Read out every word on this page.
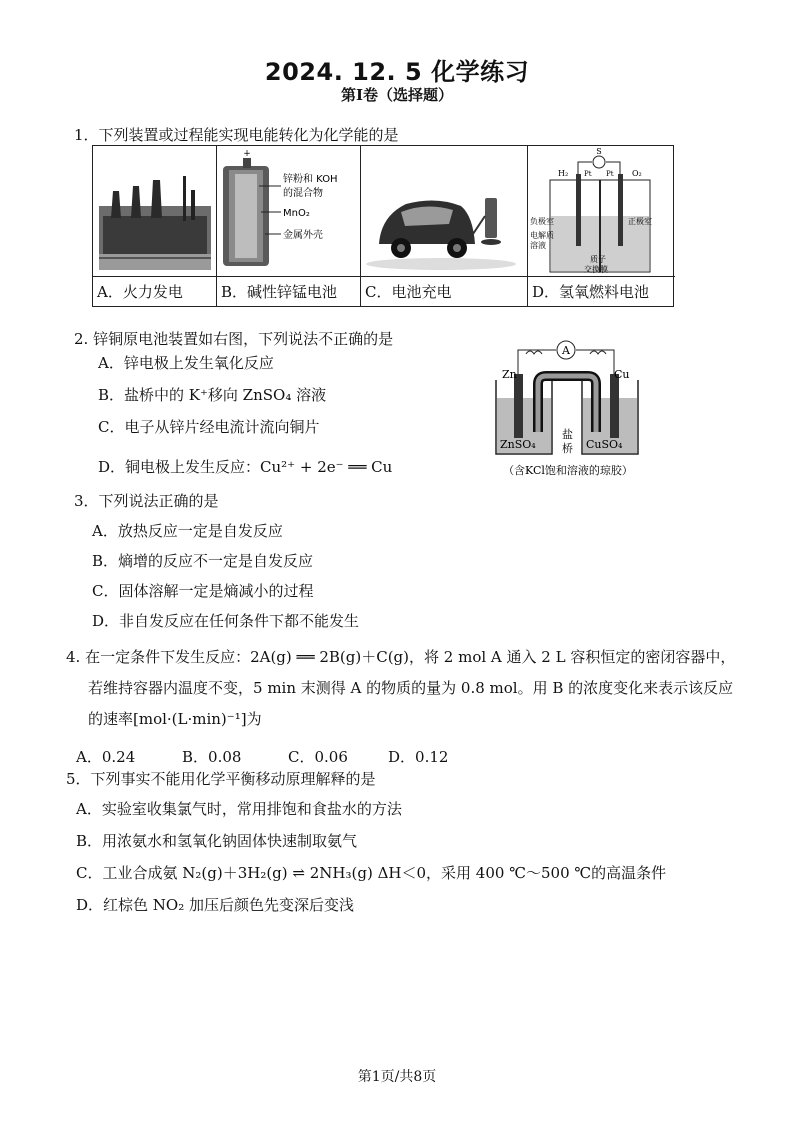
2024. 12. 5 化学练习
第Ⅰ卷（选择题）
1．下列装置或过程能实现电能转化为化学能的是
A．火力发电
+
锌粉和 KOH
的混合物
MnO₂
金属外壳
B．碱性锌锰电池	C．电池充电
S
H₂ Pt Pt O₂
负极室	正极室
电解质
溶液
质子
交换膜
D．氢氧燃料电池
2. 锌铜原电池装置如右图，下列说法不正确的是
A．锌电极上发生氧化反应
B．盐桥中的 K⁺移向 ZnSO₄ 溶液
C．电子从锌片经电流计流向铜片
D．铜电极上发生反应：Cu²⁺ + 2e⁻ ══ Cu
A
Zn	Cu
ZnSO₄	CuSO₄
盐
桥
（含KCl饱和溶液的琼胶）
3．下列说法正确的是
A．放热反应一定是自发反应
B．熵增的反应不一定是自发反应
C．固体溶解一定是熵减小的过程
D．非自发反应在任何条件下都不能发生
4. 在一定条件下发生反应：2A(g) ══ 2B(g)＋C(g)，将 2 mol A 通入 2 L 容积恒定的密闭容器中，
若维持容器内温度不变，5 min 末测得 A 的物质的量为 0.8 mol。用 B 的浓度变化来表示该反应
的速率[mol·(L·min)⁻¹]为
A．0.24	B．0.08	C．0.06	D．0.12
5．下列事实不能用化学平衡移动原理解释的是
A．实验室收集氯气时，常用排饱和食盐水的方法
B．用浓氨水和氢氧化钠固体快速制取氨气
C．工业合成氨 N₂(g)＋3H₂(g) ⇌ 2NH₃(g) ΔH＜0，采用 400 ℃～500 ℃的高温条件
D．红棕色 NO₂ 加压后颜色先变深后变浅
第1页/共8页
